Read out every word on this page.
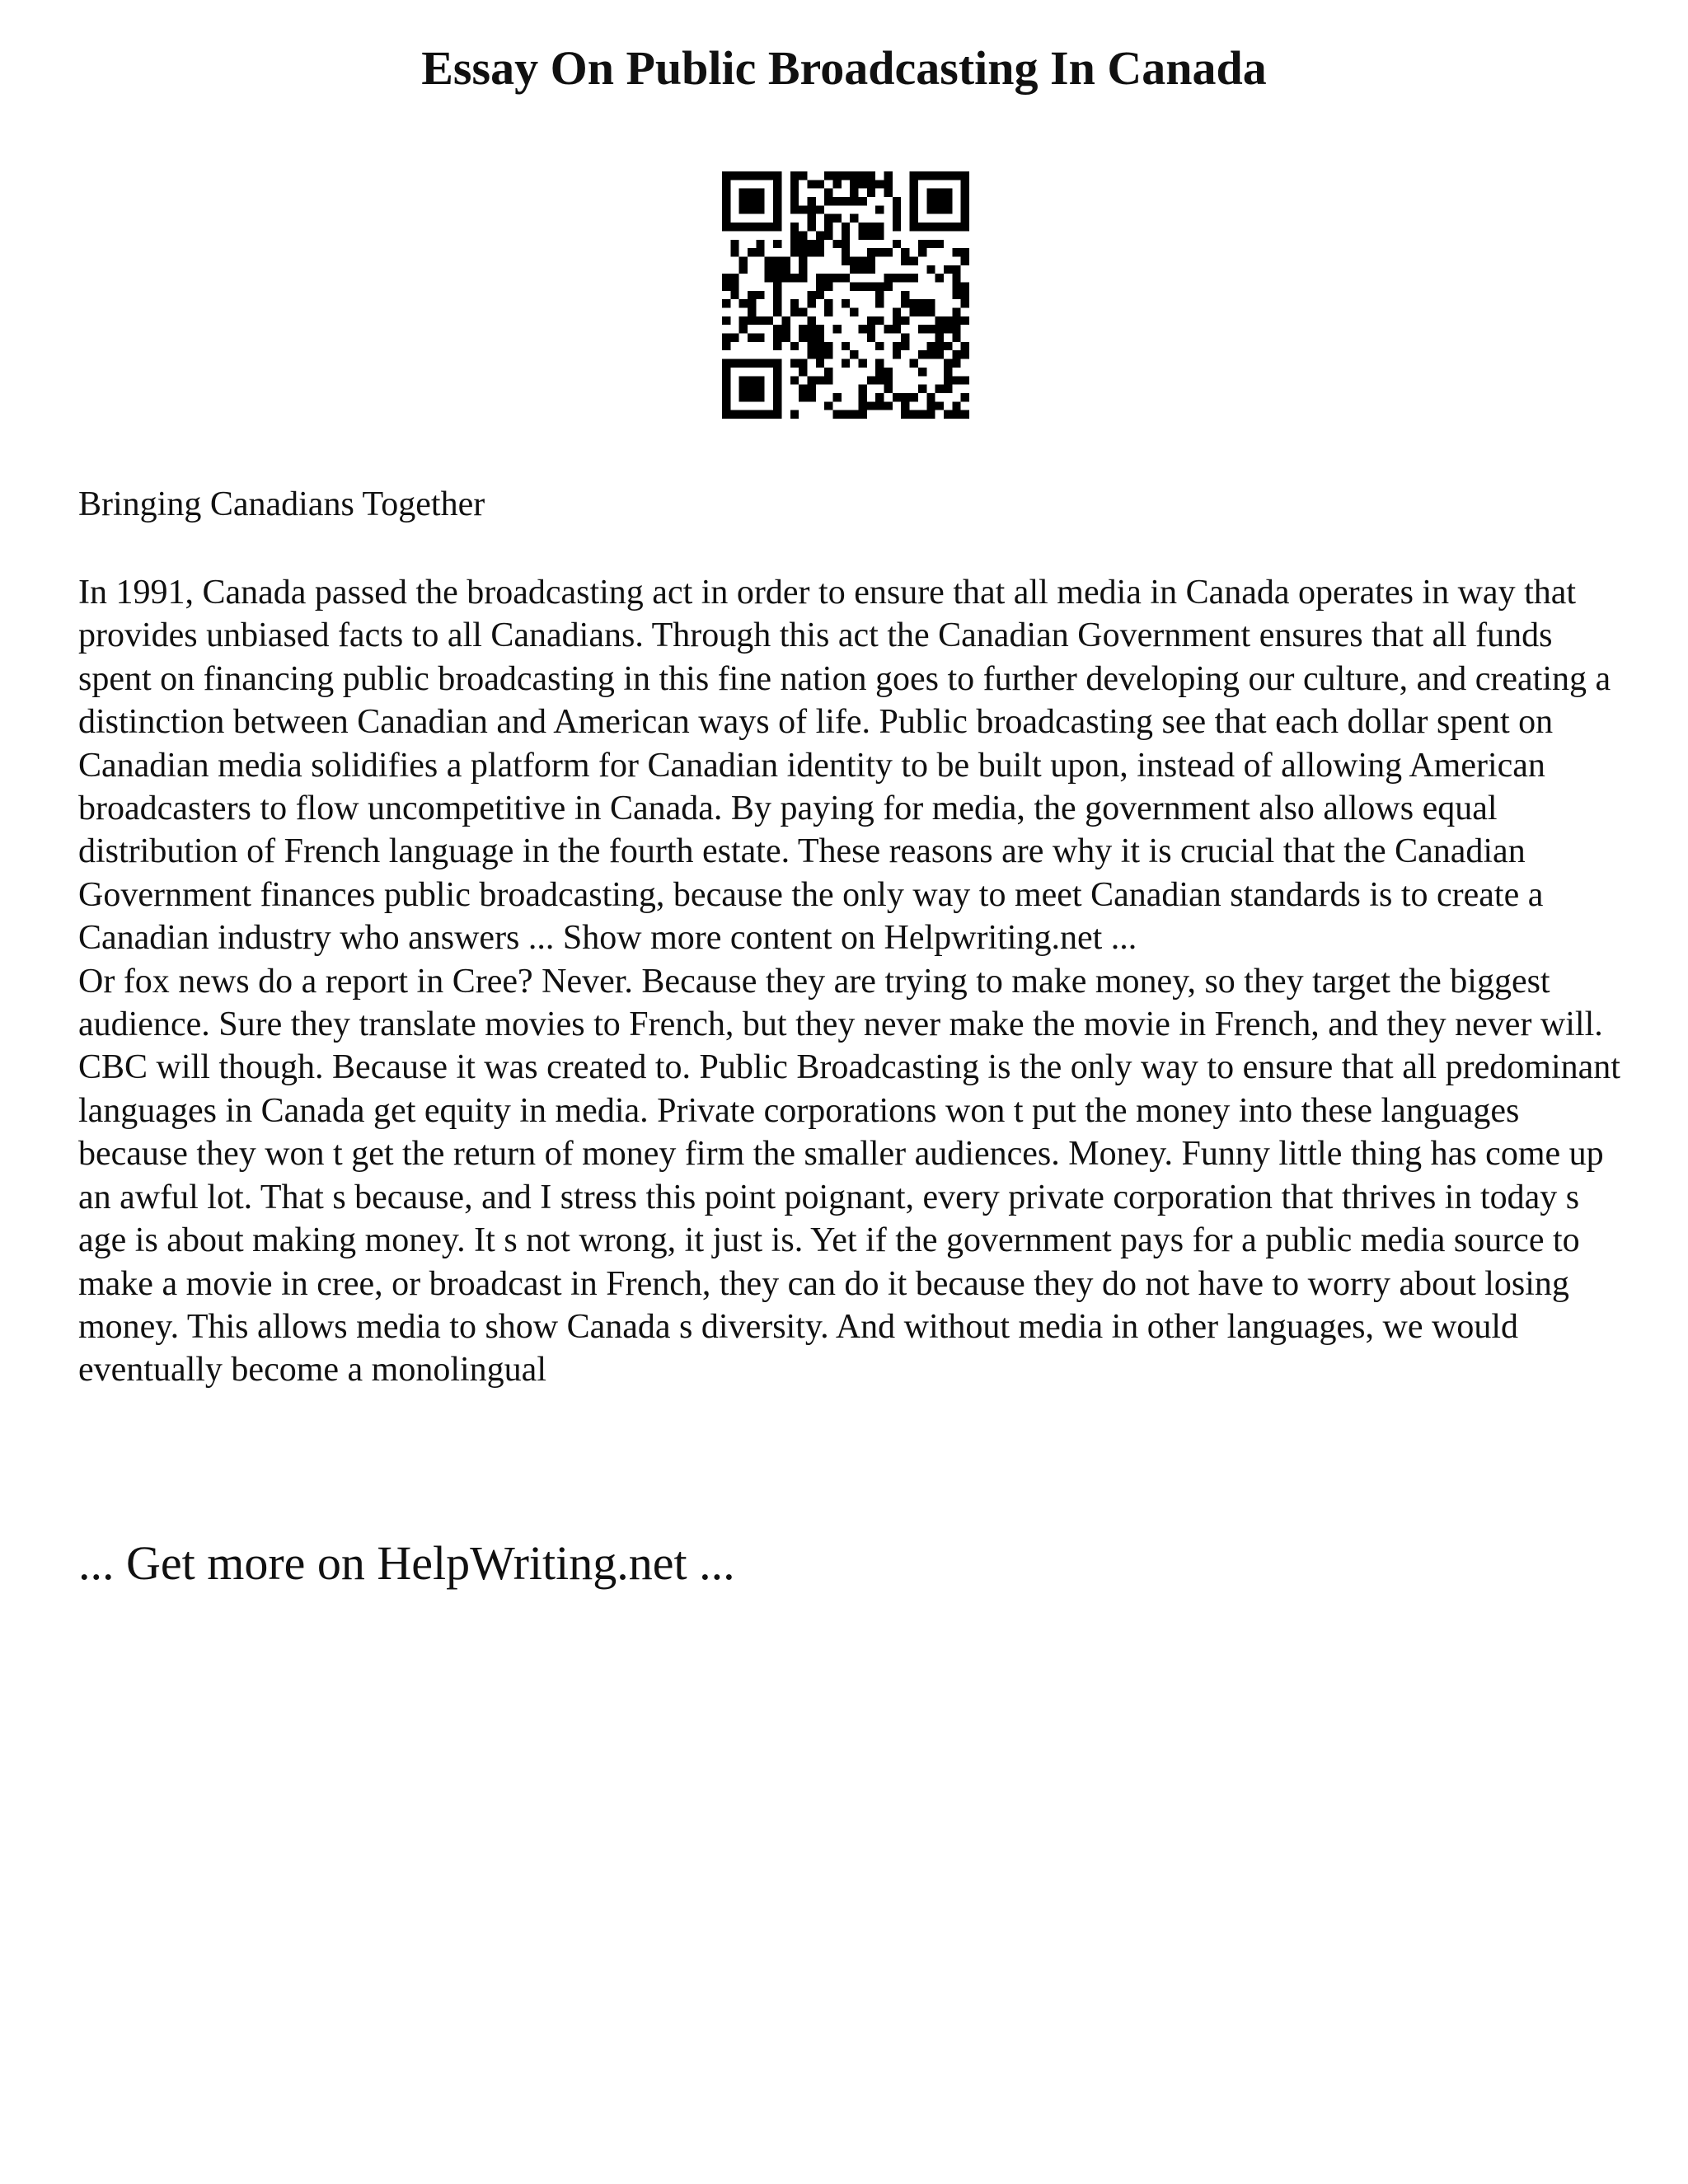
Essay On Public Broadcasting In Canada

Bringing Canadians Together

In 1991, Canada passed the broadcasting act in order to ensure that all media in Canada operates in way that provides unbiased facts to all Canadians. Through this act the Canadian Government ensures that all funds spent on financing public broadcasting in this fine nation goes to further developing our culture, and creating a distinction between Canadian and American ways of life. Public broadcasting see that each dollar spent on Canadian media solidifies a platform for Canadian identity to be built upon, instead of allowing American broadcasters to flow uncompetitive in Canada. By paying for media, the government also allows equal distribution of French language in the fourth estate. These reasons are why it is crucial that the Canadian Government finances public broadcasting, because the only way to meet Canadian standards is to create a Canadian industry who answers ... Show more content on Helpwriting.net ...

Or fox news do a report in Cree? Never. Because they are trying to make money, so they target the biggest audience. Sure they translate movies to French, but they never make the movie in French, and they never will. CBC will though. Because it was created to. Public Broadcasting is the only way to ensure that all predominant languages in Canada get equity in media. Private corporations won t put the money into these languages because they won t get the return of money firm the smaller audiences. Money. Funny little thing has come up an awful lot. That s because, and I stress this point poignant, every private corporation that thrives in today s age is about making money. It s not wrong, it just is. Yet if the government pays for a public media source to make a movie in cree, or broadcast in French, they can do it because they do not have to worry about losing money. This allows media to show Canada s diversity. And without media in other languages, we would eventually become a monolingual

... Get more on HelpWriting.net ...
